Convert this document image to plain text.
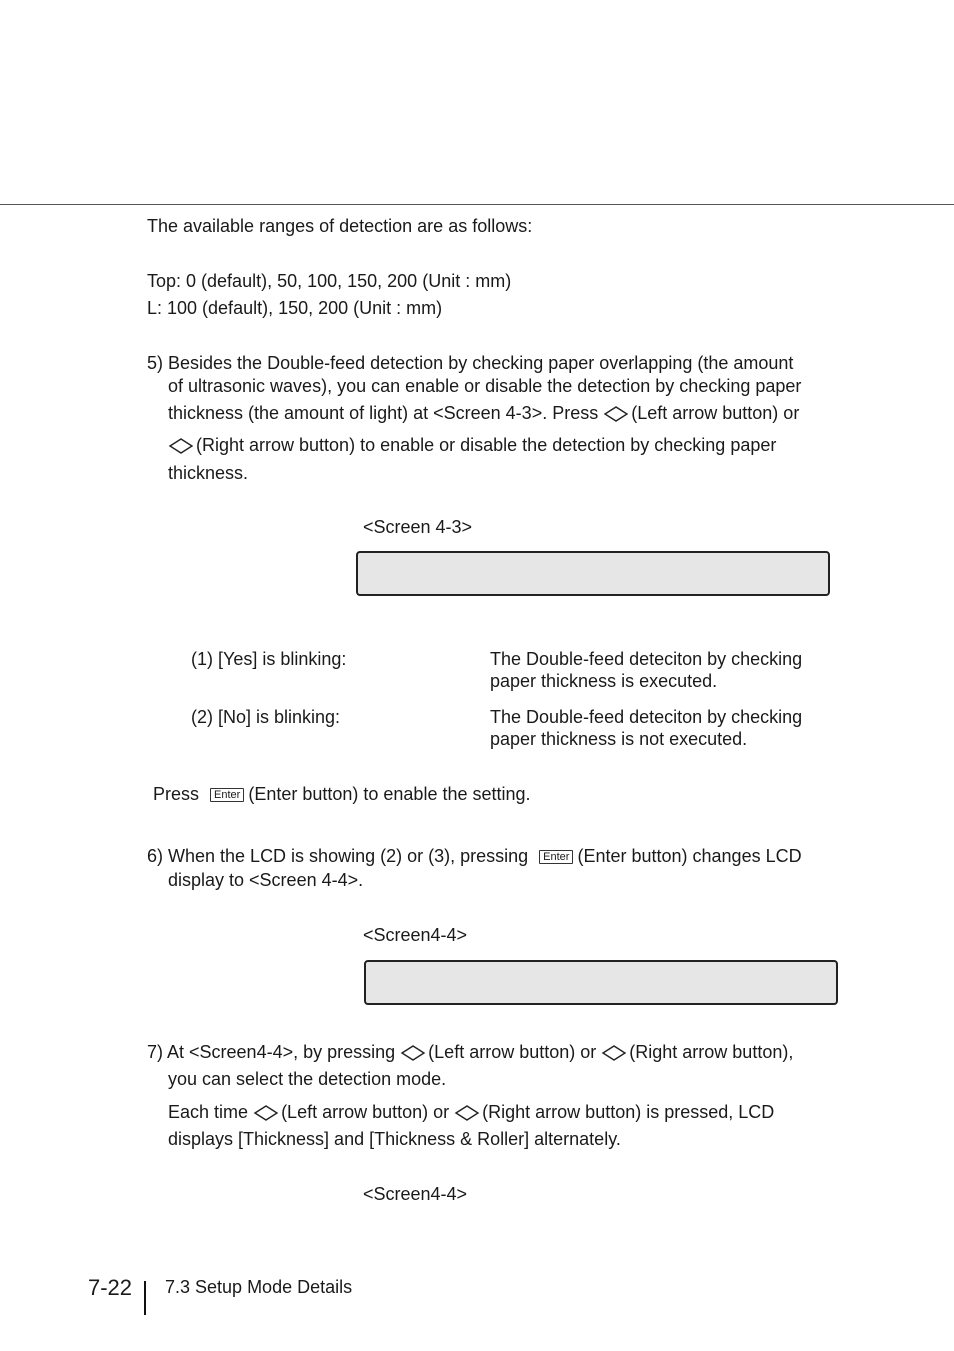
The available ranges of detection are as follows:
Top: 0 (default), 50, 100, 150, 200 (Unit : mm)
L: 100 (default), 150, 200 (Unit : mm)
5) Besides the Double-feed detection by checking paper overlapping (the amount
of ultrasonic waves), you can enable or disable the detection by checking paper
thickness (the amount of light) at <Screen 4-3>. Press (Left arrow button) or
(Right arrow button) to enable or disable the detection by checking paper
thickness.
<Screen 4-3>
(1) [Yes] is blinking:	The Double-feed deteciton by checking
paper thickness is executed.
(2) [No] is blinking:	The Double-feed deteciton by checking
paper thickness is not executed.
Press Enter (Enter button) to enable the setting.
6) When the LCD is showing (2) or (3), pressing Enter (Enter button) changes LCD
display to <Screen 4-4>.
<Screen4-4>
7) At <Screen4-4>, by pressing (Left arrow button) or (Right arrow button),
you can select the detection mode.
Each time (Left arrow button) or (Right arrow button) is pressed, LCD
displays [Thickness] and [Thickness & Roller] alternately.
<Screen4-4>
7-22 7.3 Setup Mode Details
